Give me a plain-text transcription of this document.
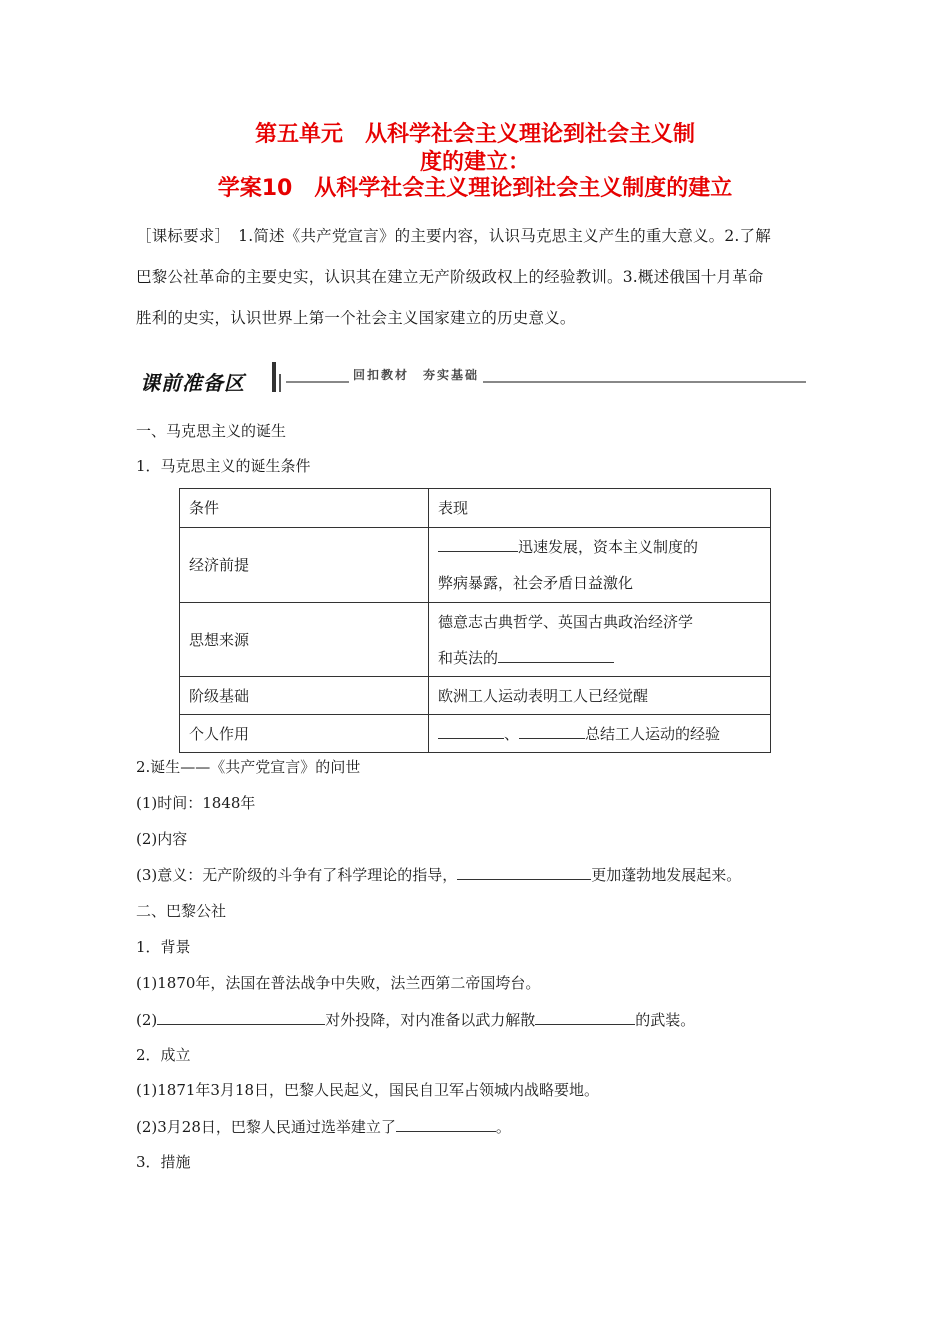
第五单元　从科学社会主义理论到社会主义制
度的建立：
学案10　从科学社会主义理论到社会主义制度的建立
［课标要求］　1.简述《共产党宣言》的主要内容，认识马克思主义产生的重大意义。2.了解
巴黎公社革命的主要史实，认识其在建立无产阶级政权上的经验教训。3.概述俄国十月革命
胜利的史实，认识世界上第一个社会主义国家建立的历史意义。
课前准备区	回扣教材　夯实基础
一、马克思主义的诞生
1．马克思主义的诞生条件
条件	表现
经济前提	迅速发展，资本主义制度的
弊病暴露，社会矛盾日益激化

思想来源	德意志古典哲学、英国古典政治经济学
和英法的

阶级基础	欧洲工人运动表明工人已经觉醒
个人作用	、 总结工人运动的经验
2.诞生——《共产党宣言》的问世
(1)时间：1848年
(2)内容
(3)意义：无产阶级的斗争有了科学理论的指导，	更加蓬勃地发展起来。
二、巴黎公社
1．背景
(1)1870年，法国在普法战争中失败，法兰西第二帝国垮台。
(2)	对外投降，对内准备以武力解散	的武装。
2．成立
(1)1871年3月18日，巴黎人民起义，国民自卫军占领城内战略要地。
(2)3月28日，巴黎人民通过选举建立了	。
3．措施
